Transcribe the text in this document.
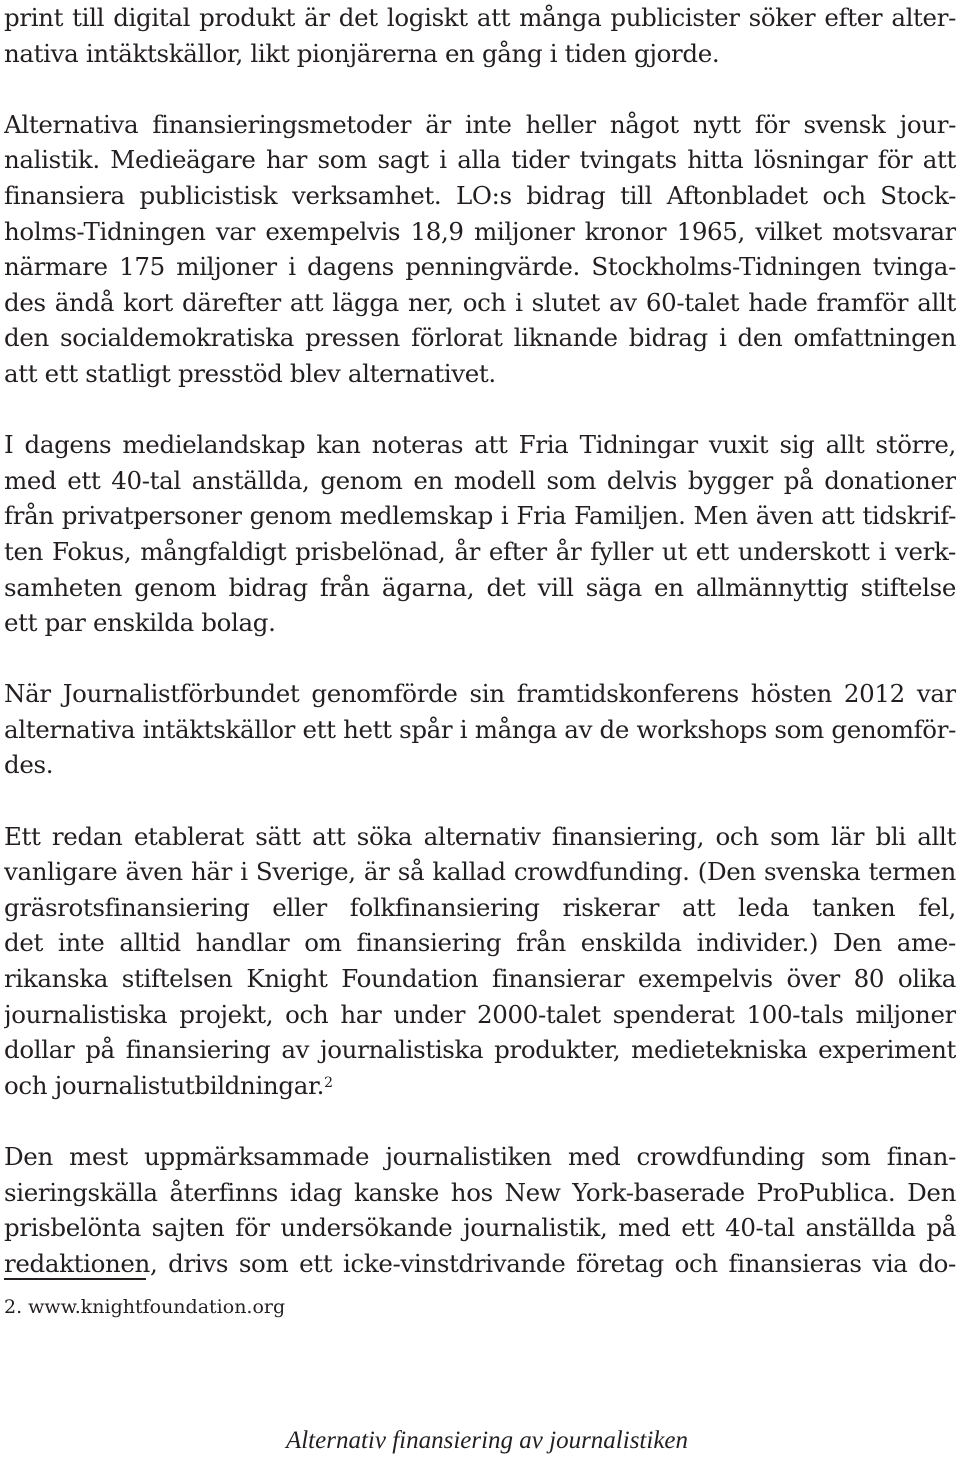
print till digital produkt är det logiskt att många publicister söker efter alter-
nativa intäktskällor, likt pionjärerna en gång i tiden gjorde.
Alternativa finansieringsmetoder är inte heller något nytt för svensk jour-
nalistik. Medieägare har som sagt i alla tider tvingats hitta lösningar för att
finansiera publicistisk verksamhet. LO:s bidrag till Aftonbladet och Stock-
holms-Tidningen var exempelvis 18,9 miljoner kronor 1965, vilket motsvarar
närmare 175 miljoner i dagens penningvärde. Stockholms-Tidningen tvinga-
des ändå kort därefter att lägga ner, och i slutet av 60-talet hade framför allt
den socialdemokratiska pressen förlorat liknande bidrag i den omfattningen
att ett statligt presstöd blev alternativet.
I dagens medielandskap kan noteras att Fria Tidningar vuxit sig allt större,
med ett 40-tal anställda, genom en modell som delvis bygger på donationer
från privatpersoner genom medlemskap i Fria Familjen. Men även att tidskrif-
ten Fokus, mångfaldigt prisbelönad, år efter år fyller ut ett underskott i verk-
samheten genom bidrag från ägarna, det vill säga en allmännyttig stiftelse
ett par enskilda bolag.
När Journalistförbundet genomförde sin framtidskonferens hösten 2012 var
alternativa intäktskällor ett hett spår i många av de workshops som genomför-
des.
Ett redan etablerat sätt att söka alternativ finansiering, och som lär bli allt
vanligare även här i Sverige, är så kallad crowdfunding. (Den svenska termen
gräsrotsfinansiering eller folkfinansiering riskerar att leda tanken fel,
det inte alltid handlar om finansiering från enskilda individer.) Den ame-
rikanska stiftelsen Knight Foundation finansierar exempelvis över 80 olika
journalistiska projekt, och har under 2000-talet spenderat 100-tals miljoner
dollar på finansiering av journalistiska produkter, medietekniska experiment
och journalistutbildningar.$^2$
Den mest uppmärksammade journalistiken med crowdfunding som finan-
sieringskälla återfinns idag kanske hos New York-baserade ProPublica. Den
prisbelönta sajten för undersökande journalistik, med ett 40-tal anställda på
redaktionen, drivs som ett icke-vinstdrivande företag och finansieras via do-
2. www.knightfoundation.org
Alternativ finansiering av journalistiken
